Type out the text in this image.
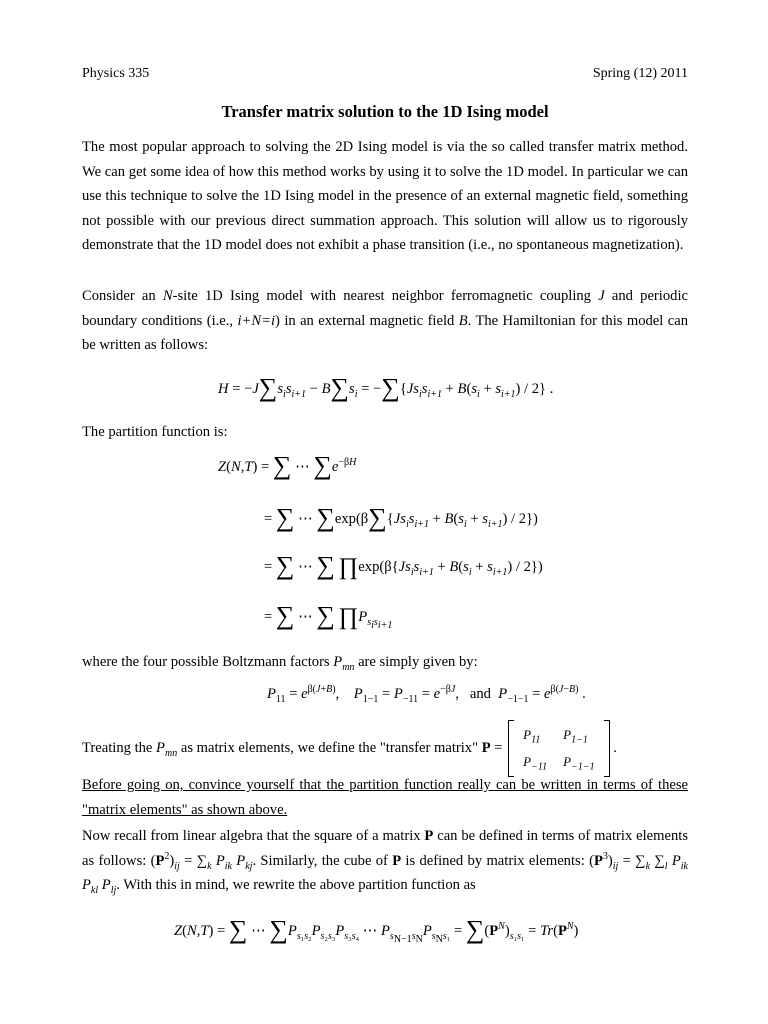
Physics 335	Spring (12) 2011
Transfer matrix solution to the 1D Ising model
The most popular approach to solving the 2D Ising model is via the so called transfer matrix method. We can get some idea of how this method works by using it to solve the 1D model. In particular we can use this technique to solve the 1D Ising model in the presence of an external magnetic field, something not possible with our previous direct summation approach. This solution will allow us to rigorously demonstrate that the 1D model does not exhibit a phase transition (i.e., no spontaneous magnetization).
Consider an N-site 1D Ising model with nearest neighbor ferromagnetic coupling J and periodic boundary conditions (i.e., i+N=i) in an external magnetic field B. The Hamiltonian for this model can be written as follows:
$H = -J\sum s_is_{i+1} - B\sum s_i = -\sum\{Js_is_{i+1} + B(s_i + s_{i+1}) / 2\}$ .
The partition function is:
Z(N,T) = ∑ ⋯ $\sum e^{-\beta H}$
= ∑ ⋯ $\sum\exp(\beta\sum\{Js_is_{i+1} + B(s_i + s_{i+1}) / 2\})$
= ∑ ⋯ ∑ $\prod\exp(\beta\{Js_is_{i+1} + B(s_i + s_{i+1}) / 2\})$
= ∑ ⋯ ∑ $\prod P_{s_is_{i+1}}$
where the four possible Boltzmann factors $P_{mn}$ are simply given by:
$P_{11} = e^{\beta(J+B)}$,    $P_{1-1} = P_{-11} = e^{-\beta J}$,   and  $P_{-1-1} = e^{\beta(J-B)}$ .
Treating the $P_{mn}$ as matrix elements, we define the "transfer matrix" P =
$P_{11}$	$P_{1-1}$
$P_{-11}$	$P_{-1-1}$
.
Before going on, convince yourself that the partition function really can be written in terms of these "matrix elements" as shown above.
Now recall from linear algebra that the square of a matrix P can be defined in terms of matrix elements as follows: $(P^2)_{ij} = \sum_k$ $P_{ik}$ $P_{kj}$. Similarly, the cube of P is defined by matrix elements: $(P^3)_{ij} = \sum_k$ $\sum_l$ $P_{ik}$ $P_{kl}$ $P_{lj}$. With this in mind, we rewrite the above partition function as
Z(N,T) = ∑ ⋯ $\sum P_{s_1s_2}P_{s_2s_3}P_{s_3s_4}$ ⋯ $P_{s_{N-1}s_N}P_{s_Ns_1} = \sum(P^N)_{s_1s_1} = Tr(P^N)$
